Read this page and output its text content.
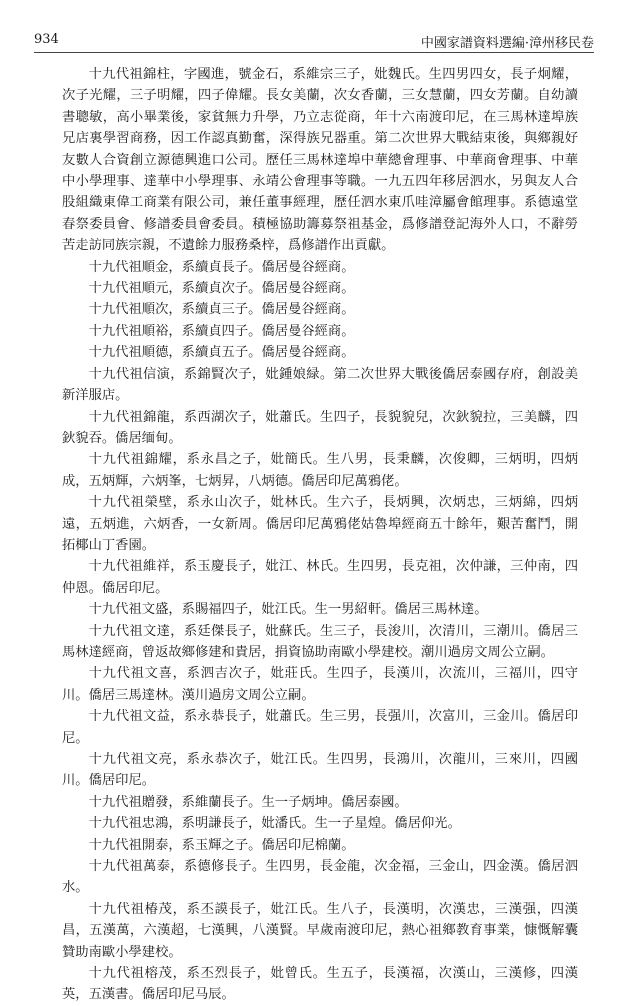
934	中國家譜資料選編·漳州移民卷

十九代祖錦柱，字國進，號金石，系維宗三子，妣魏氏。生四男四女，長子炯耀，次子光耀，三子明耀，四子偉耀。長女美蘭，次女香蘭，三女慧蘭，四女芳蘭。自幼讀書聰敏，高小畢業後，家貧無力升學，乃立志從商，年十六南渡印尼，在三馬林達埠族兄店裏學習商務，因工作認真勤奮，深得族兄器重。第二次世界大戰結束後，與鄉親好友數人合資創立源德興進口公司。歷任三馬林達埠中華總會理事、中華商會理事、中華中小學理事、達華中小學理事、永靖公會理事等職。一九五四年移居泗水，另與友人合股組織東偉工商業有限公司，兼任董事經理，歷任泗水東爪哇漳屬會館理事。系德遠堂春祭委員會、修譜委員會委員。積極協助籌募祭祖基金，爲修譜登記海外人口，不辭勞苦走訪同族宗親，不遺餘力服務桑梓，爲修譜作出貢獻。

十九代祖順金，系續貞長子。僑居曼谷經商。

十九代祖順元，系續貞次子。僑居曼谷經商。

十九代祖順次，系續貞三子。僑居曼谷經商。

十九代祖順裕，系續貞四子。僑居曼谷經商。

十九代祖順德，系續貞五子。僑居曼谷經商。

十九代祖信演，系錦賢次子，妣鍾娘緑。第二次世界大戰後僑居泰國存府，創設美新洋服店。

十九代祖錦龍，系西湖次子，妣蕭氏。生四子，長貌貌兒，次鈥貌拉，三美麟，四鈥貌吞。僑居缅甸。

十九代祖錦耀，系永昌之子，妣簡氏。生八男，長秉麟，次俊卿，三炳明，四炳成，五炳輝，六炳峯，七炳昇，八炳德。僑居印尼萬鴉佬。

十九代祖榮壁，系永山次子，妣林氏。生六子，長炳興，次炳忠，三炳綿，四炳遠，五炳進，六炳香，一女新周。僑居印尼萬鴉佬姑魯埠經商五十餘年，艱苦奮鬥，開拓椰山丁香園。

十九代祖維祥，系玉慶長子，妣江、林氏。生四男，長克祖，次仲謙，三仲南，四仲恩。僑居印尼。

十九代祖文盛，系賜福四子，妣江氏。生一男紹軒。僑居三馬林達。

十九代祖文達，系廷傑長子，妣蘇氏。生三子，長浚川，次清川，三潮川。僑居三馬林達經商，曾返故鄉修建和貴居，捐資協助南歐小學建校。潮川過房文周公立嗣。

十九代祖文喜，系泗吉次子，妣莊氏。生四子，長漢川，次流川，三福川，四守川。僑居三馬達林。漢川過房文周公立嗣。

十九代祖文益，系永恭長子，妣蕭氏。生三男，長强川，次富川，三金川。僑居印尼。

十九代祖文亮，系永恭次子，妣江氏。生四男，長鴻川，次龍川，三來川，四國川。僑居印尼。

十九代祖贈發，系維蘭長子。生一子炳坤。僑居泰國。

十九代祖忠鴻，系明謙長子，妣潘氏。生一子星煌。僑居仰光。

十九代祖開泰，系玉輝之子。僑居印尼棉蘭。

十九代祖萬泰，系德修長子。生四男，長金龍，次金福，三金山，四金漢。僑居泗水。

十九代祖椿茂，系丕謨長子，妣江氏。生八子，長漢明，次漢忠，三漢强，四漢昌，五漢萬，六漢超，七漢興，八漢賢。早歲南渡印尼，熱心祖鄉教育事業，慷慨解囊贊助南歐小學建校。

十九代祖榕茂，系丕烈長子，妣曾氏。生五子，長漢福，次漢山，三漢修，四漢英，五漢書。僑居印尼马辰。
